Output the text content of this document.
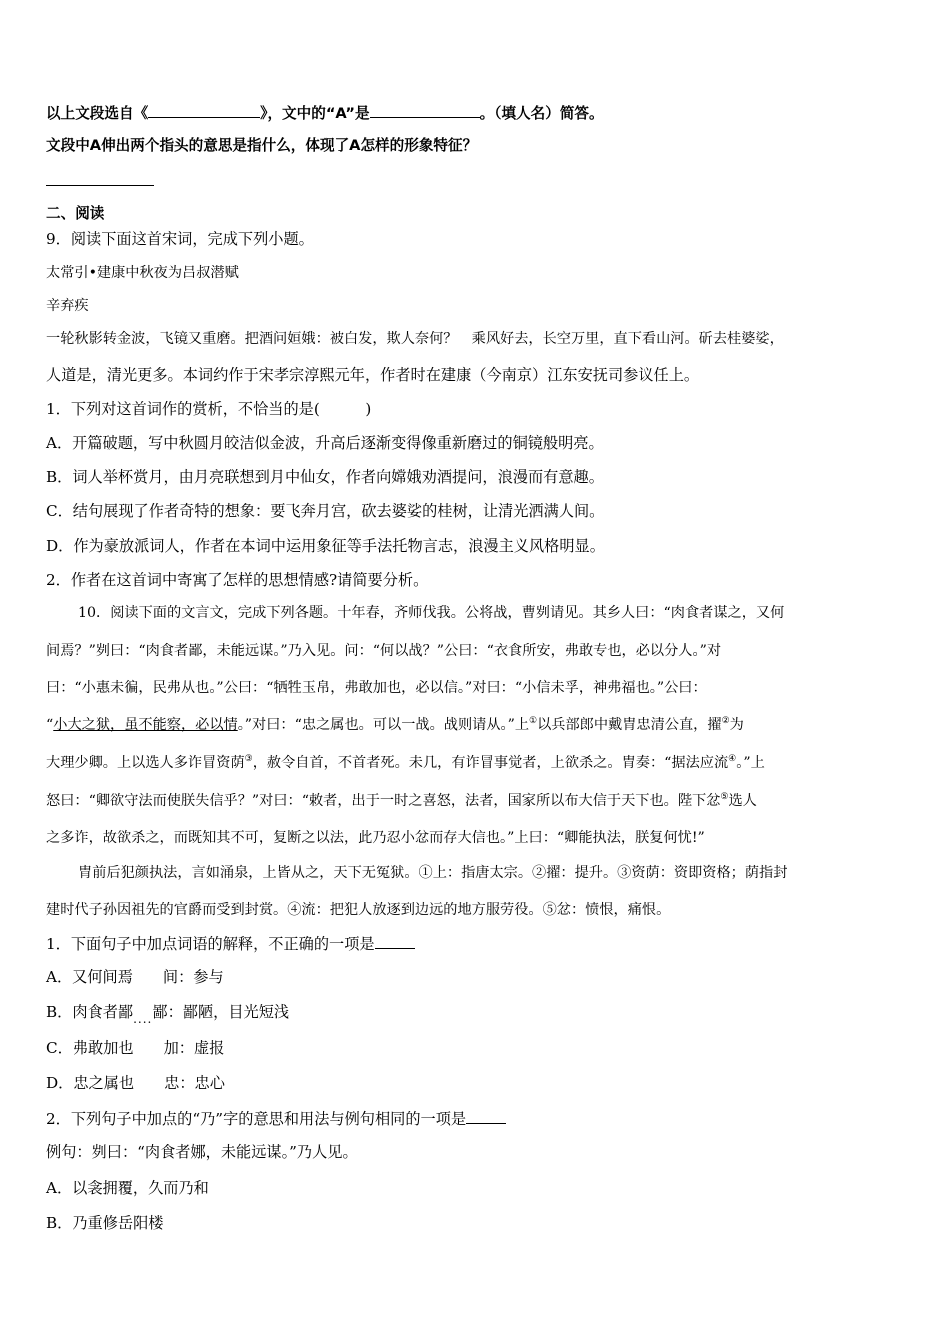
以上文段选自《	》，文中的“A”是	。（填人名）简答。
文段中A伸出两个指头的意思是指什么，体现了A怎样的形象特征？
二、阅读
9．阅读下面这首宋词，完成下列小题。
太常引•建康中秋夜为吕叔潜赋
辛弃疾
一轮秋影转金波，飞镜又重磨。把酒问姮娥：被白发，欺人奈何？　乘风好去，长空万里，直下看山河。斫去桂婆娑，
人道是，清光更多。本词约作于宋孝宗淳熙元年，作者时在建康（今南京）江东安抚司参议任上。
1．下列对这首词作的赏析，不恰当的是(　　　)
A．开篇破题，写中秋圆月皎洁似金波，升高后逐渐变得像重新磨过的铜镜般明亮。
B．词人举杯赏月，由月亮联想到月中仙女，作者向嫦娥劝酒提问，浪漫而有意趣。
C．结句展现了作者奇特的想象：要飞奔月宫，砍去婆娑的桂树，让清光洒满人间。
D．作为豪放派词人，作者在本词中运用象征等手法托物言志，浪漫主义风格明显。
2．作者在这首词中寄寓了怎样的思想情感?请简要分析。
10．阅读下面的文言文，完成下列各题。十年春，齐师伐我。公将战，曹刿请见。其乡人曰：“肉食者谋之，又何
间焉？”刿曰：“肉食者鄙，未能远谋。”乃入见。问：“何以战？”公曰：“衣食所安，弗敢专也，必以分人。”对
曰：“小惠未徧，民弗从也。”公曰：“牺牲玉帛，弗敢加也，必以信。”对曰：“小信未孚，神弗福也。”公曰：
“小大之狱，虽不能察，必以情。”对曰：“忠之属也。可以一战。战则请从。”上①以兵部郎中戴胄忠清公直，擢②为
大理少卿。上以选人多诈冒资荫③，赦令自首，不首者死。未几，有诈冒事觉者，上欲杀之。胄奏：“据法应流④。”上
怒曰：“卿欲守法而使朕失信乎？”对曰：“敕者，出于一时之喜怒，法者，国家所以布大信于天下也。陛下忿⑤选人
之多诈，故欲杀之，而既知其不可，复断之以法，此乃忍小忿而存大信也。”上曰：“卿能执法，朕复何忧!”
胄前后犯颜执法，言如涌泉，上皆从之，天下无冤狱。①上：指唐太宗。②擢：提升。③资荫：资即资格；荫指封
建时代子孙因祖先的官爵而受到封赏。④流：把犯人放逐到边远的地方服劳役。⑤忿：愤恨，痛恨。
1．下面句子中加点词语的解释，不正确的一项是
A．又何间焉 间：参与
B．肉食者鄙$_{....}$鄙：鄙陋，目光短浅
C．弗敢加也 加：虚报
D．忠之属也 忠：忠心
2．下列句子中加点的“乃”字的意思和用法与例句相同的一项是
例句：刿曰：“肉食者娜，未能远谋。”乃人见。
A．以衾拥覆，久而乃和
B．乃重修岳阳楼
